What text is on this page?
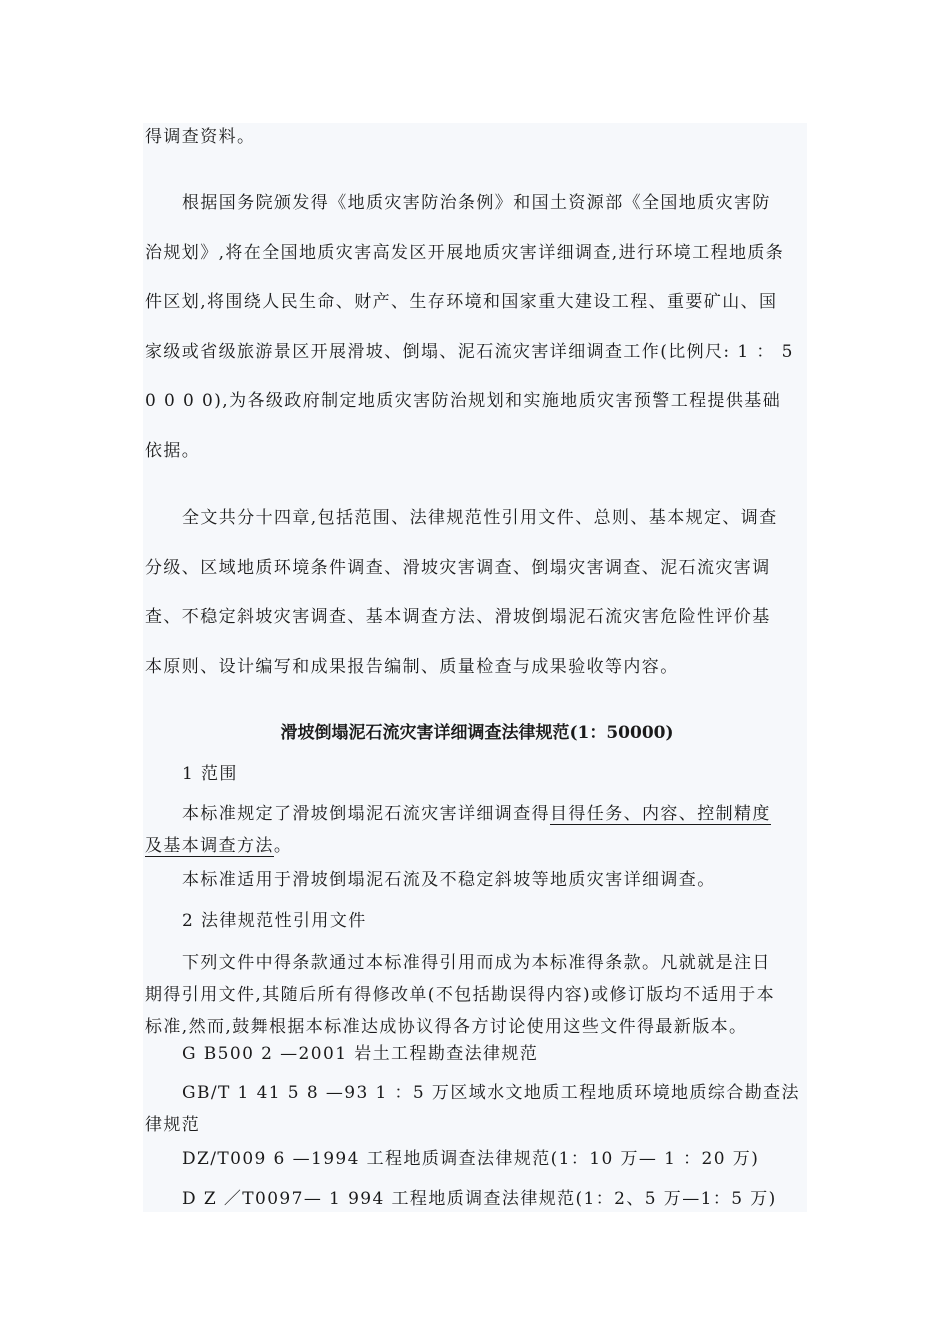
得调查资料。

根据国务院颁发得《地质灾害防治条例》和国土资源部《全国地质灾害防
治规划》,将在全国地质灾害高发区开展地质灾害详细调查,进行环境工程地质条
件区划,将围绕人民生命、财产、生存环境和国家重大建设工程、重要矿山、国
家级或省级旅游景区开展滑坡、倒塌、泥石流灾害详细调查工作(比例尺: 1 ： 5
0 0 0 0),为各级政府制定地质灾害防治规划和实施地质灾害预警工程提供基础
依据。

全文共分十四章,包括范围、法律规范性引用文件、总则、基本规定、调查
分级、区域地质环境条件调查、滑坡灾害调查、倒塌灾害调查、泥石流灾害调
查、不稳定斜坡灾害调查、基本调查方法、滑坡倒塌泥石流灾害危险性评价基
本原则、设计编写和成果报告编制、质量检查与成果验收等内容。

滑坡倒塌泥石流灾害详细调查法律规范(1：50000)

1 范围

本标准规定了滑坡倒塌泥石流灾害详细调查得目得任务、内容、控制精度
及基本调查方法。

本标准适用于滑坡倒塌泥石流及不稳定斜坡等地质灾害详细调查。

2 法律规范性引用文件

下列文件中得条款通过本标准得引用而成为本标准得条款。凡就就是注日
期得引用文件,其随后所有得修改单(不包括勘误得内容)或修订版均不适用于本
标准,然而,鼓舞根据本标准达成协议得各方讨论使用这些文件得最新版本。

G B500 2 —2001 岩土工程勘查法律规范

GB/T 1 41 5 8 —93 1 ：5 万区域水文地质工程地质环境地质综合勘查法
律规范

DZ/T009 6 —1994 工程地质调查法律规范(1：10 万— 1 ：20 万)

D Z ／T0097— 1 994 工程地质调查法律规范(1：2、5 万—1：5 万)
